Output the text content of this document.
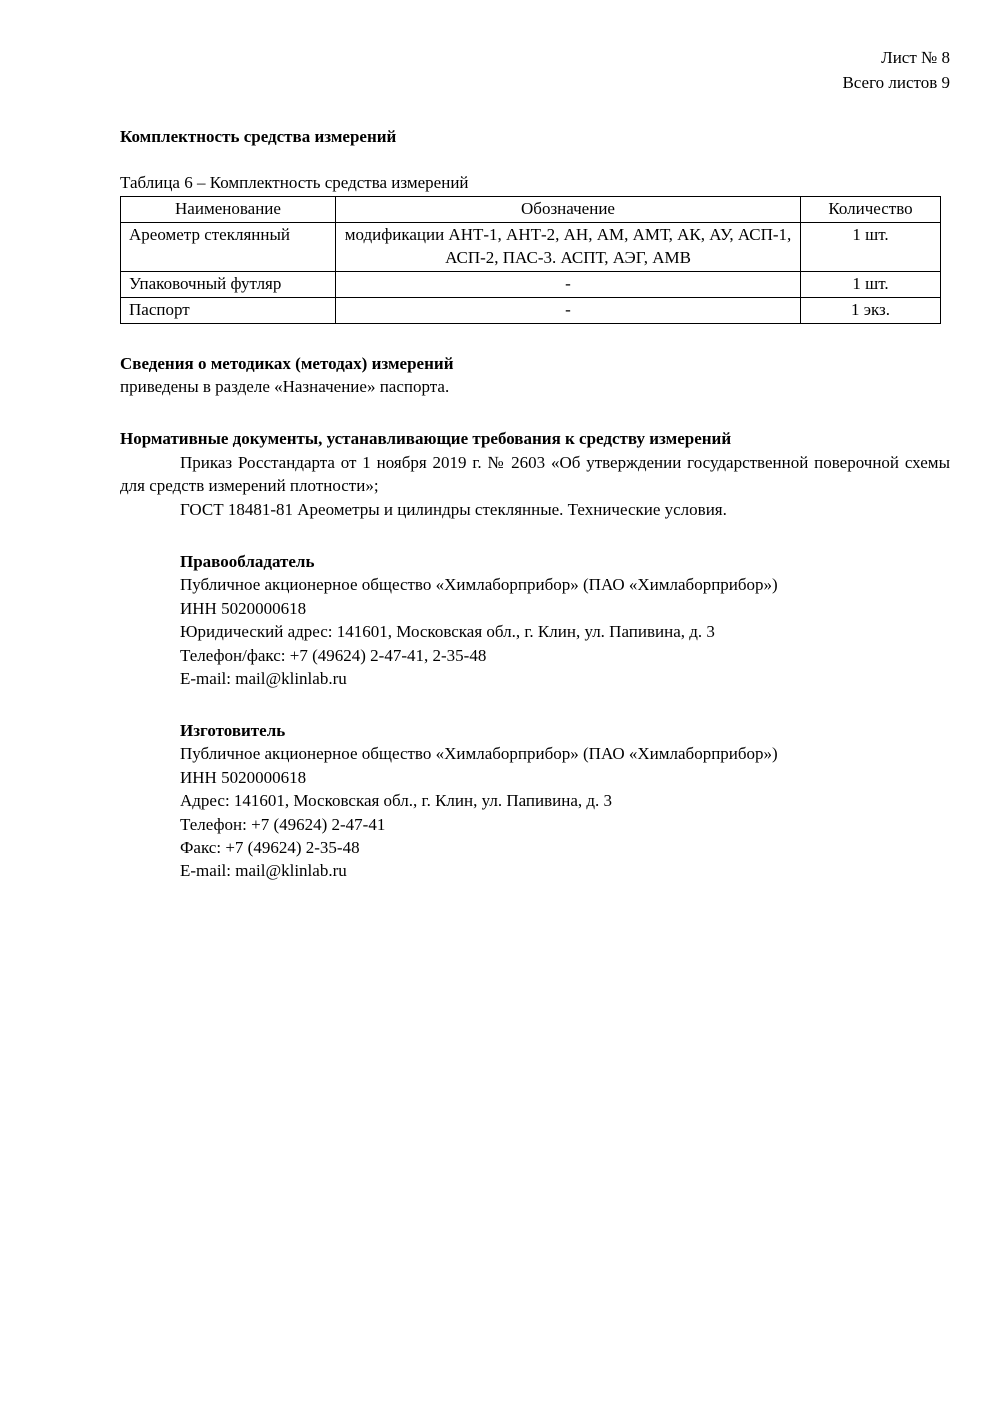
Лист № 8
Всего листов 9
Комплектность средства измерений
Таблица 6 – Комплектность средства измерений
Наименование	Обозначение	Количество
Ареометр стеклянный	модификации АНТ-1, АНТ-2, АН, АМ, АМТ, АК, АУ, АСП-1, АСП-2, ПАС-3. АСПТ, АЭГ, АМВ	1 шт.
Упаковочный футляр	-	1 шт.
Паспорт	-	1 экз.
Сведения о методиках (методах) измерений

приведены в разделе «Назначение» паспорта.

Нормативные документы, устанавливающие требования к средству измерений

Приказ Росстандарта от 1 ноября 2019 г. № 2603 «Об утверждении государственной поверочной схемы для средств измерений плотности»;

ГОСТ 18481-81 Ареометры и цилиндры стеклянные. Технические условия.

Правообладатель
Публичное акционерное общество «Химлаборприбор» (ПАО «Химлаборприбор»)
ИНН 5020000618
Юридический адрес: 141601, Московская обл., г. Клин, ул. Папивина, д. 3
Телефон/факс: +7 (49624) 2-47-41, 2-35-48
E-mail: mail@klinlab.ru
Изготовитель
Публичное акционерное общество «Химлаборприбор» (ПАО «Химлаборприбор»)
ИНН 5020000618
Адрес: 141601, Московская обл., г. Клин, ул. Папивина, д. 3
Телефон: +7 (49624) 2-47-41
Факс: +7 (49624) 2-35-48
E-mail: mail@klinlab.ru
